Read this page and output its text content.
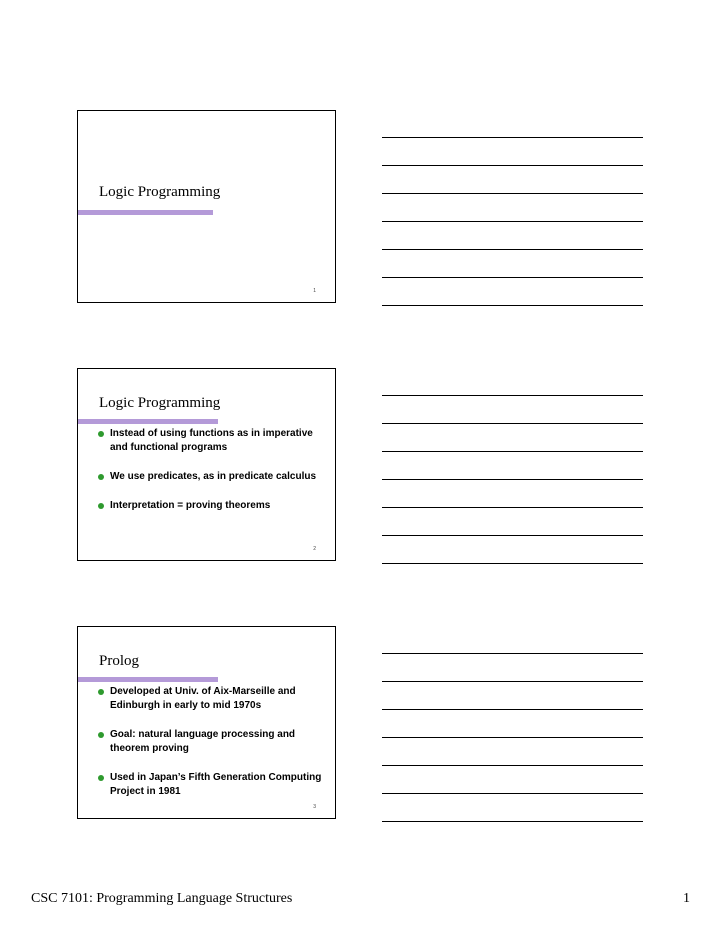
Logic Programming
1
Logic Programming
Instead of using functions as in imperative and functional programs
We use predicates, as in predicate calculus
Interpretation = proving theorems
2
Prolog
Developed at Univ. of Aix-Marseille and Edinburgh in early to mid 1970s
Goal: natural language processing and theorem proving
Used in Japan’s Fifth Generation Computing Project in 1981
3
CSC 7101: Programming Language Structures	1
